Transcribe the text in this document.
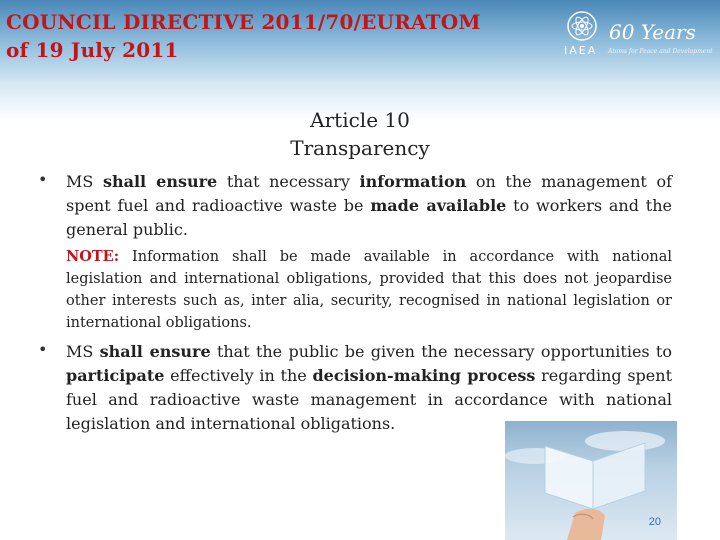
COUNCIL DIRECTIVE 2011/70/EURATOM
of 19 July 2011	IAEA
60 Years
Atoms for Peace and Development
Article 10
Transparency
• MS shall ensure that necessary information on the management of spent fuel and radioactive waste be made available to workers and the general public.
NOTE: Information shall be made available in accordance with national legislation and international obligations, provided that this does not jeopardise other interests such as, inter alia, security, recognised in national legislation or international obligations.
• MS shall ensure that the public be given the necessary opportunities to participate effectively in the decision-making process regarding spent fuel and radioactive waste management in accordance with national legislation and international obligations.
20
